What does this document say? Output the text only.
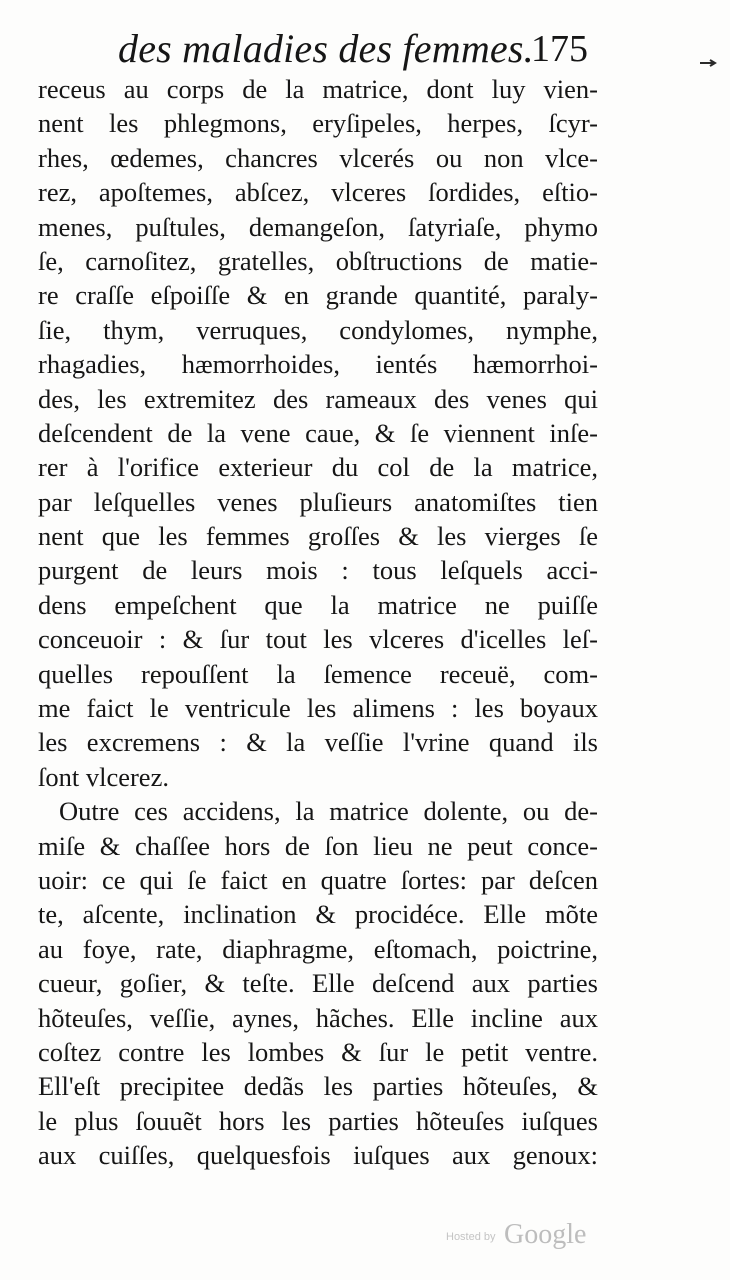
des maladies des femmes.
175
receus au corps de la matrice, dont luy vien-
nent les phlegmons, eryſipeles, herpes, ſcyr-
rhes, œdemes, chancres vlcerés ou non vlce-
rez, apoſtemes, abſcez, vlceres ſordides, eſtio-
menes, puſtules, demangeſon, ſatyriaſe, phymo
ſe, carnoſitez, gratelles, obſtructions de matie-
re craſſe eſpoiſſe & en grande quantité, paraly-
ſie, thym, verruques, condylomes, nymphe,
rhagadies, hæmorrhoides, ientés hæmorrhoi-
des, les extremitez des rameaux des venes qui
deſcendent de la vene caue, & ſe viennent inſe-
rer à l'orifice exterieur du col de la matrice,
par leſquelles venes pluſieurs anatomiſtes tien
nent que les femmes groſſes & les vierges ſe
purgent de leurs mois : tous leſquels acci-
dens empeſchent que la matrice ne puiſſe
conceuoir : & ſur tout les vlceres d'icelles leſ-
quelles repouſſent la ſemence receuë, com-
me faict le ventricule les alimens : les boyaux
les excremens : & la veſſie l'vrine quand ils
ſont vlcerez.
Outre ces accidens, la matrice dolente, ou de-
miſe & chaſſee hors de ſon lieu ne peut conce-
uoir: ce qui ſe faict en quatre ſortes: par deſcen
te, aſcente, inclination & procidéce. Elle mõte
au foye, rate, diaphragme, eſtomach, poictrine,
cueur, goſier, & teſte. Elle deſcend aux parties
hõteuſes, veſſie, aynes, hãches. Elle incline aux
coſtez contre les lombes & ſur le petit ventre.
Ell'eſt precipitee dedãs les parties hõteuſes, &
le plus ſouuẽt hors les parties hõteuſes iuſques
aux cuiſſes, quelquesfois iuſques aux genoux:
Hosted by Google
